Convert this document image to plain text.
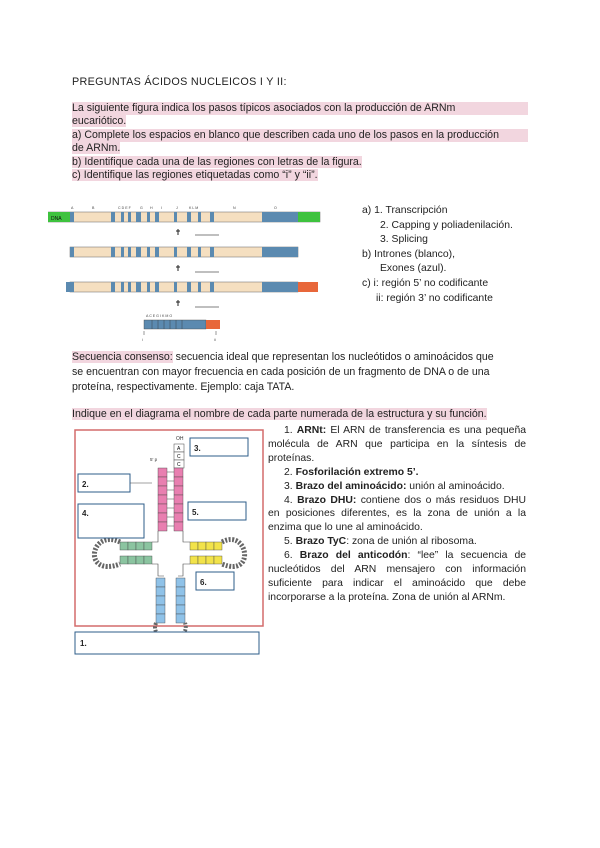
PREGUNTAS ÁCIDOS NUCLEICOS I Y II:
La siguiente figura indica los pasos típicos asociados con la producción de ARNm
eucariótico.
a) Complete los espacios en blanco que describen cada uno de los pasos en la producción
de ARNm.
b) Identifique cada una de las regiones con letras de la figura.
c) Identifique las regiones etiquetadas como “i” y “ii”.
DNA
A	B	C D E F	G H I	J	K L M	N	O
A C E G I K M O
i	ii
a) 1. Transcripción
2. Capping y poliadenilación.
3. Splicing
b) Intrones (blanco),
Exones (azul).
c) i: región 5’ no codificante
ii: región 3’ no codificante
Secuencia consenso: secuencia ideal que representan los nucleótidos o aminoácidos que
se encuentran con mayor frecuencia en cada posición de un fragmento de DNA o de una
proteína, respectivamente. Ejemplo: caja TATA.
Indique en el diagrama el nombre de cada parte numerada de la estructura y su función.
OH
A
C
C
5' p
3.
2.
4.	5.
6.
1.
1. ARNt: El ARN de transferencia es una pequeña molécula de ARN que participa en la síntesis de proteínas.
2. Fosforilación extremo 5’.
3. Brazo del aminoácido: unión al aminoácido.
4. Brazo DHU: contiene dos o más residuos DHU en posiciones diferentes, es la zona de unión a la enzima que lo une al aminoácido.
5. Brazo TyC: zona de unión al ribosoma.
6. Brazo del anticodón: “lee” la secuencia de nucleótidos del ARN mensajero con información suficiente para indicar el aminoácido que debe incorporarse a la proteína. Zona de unión al ARNm.
